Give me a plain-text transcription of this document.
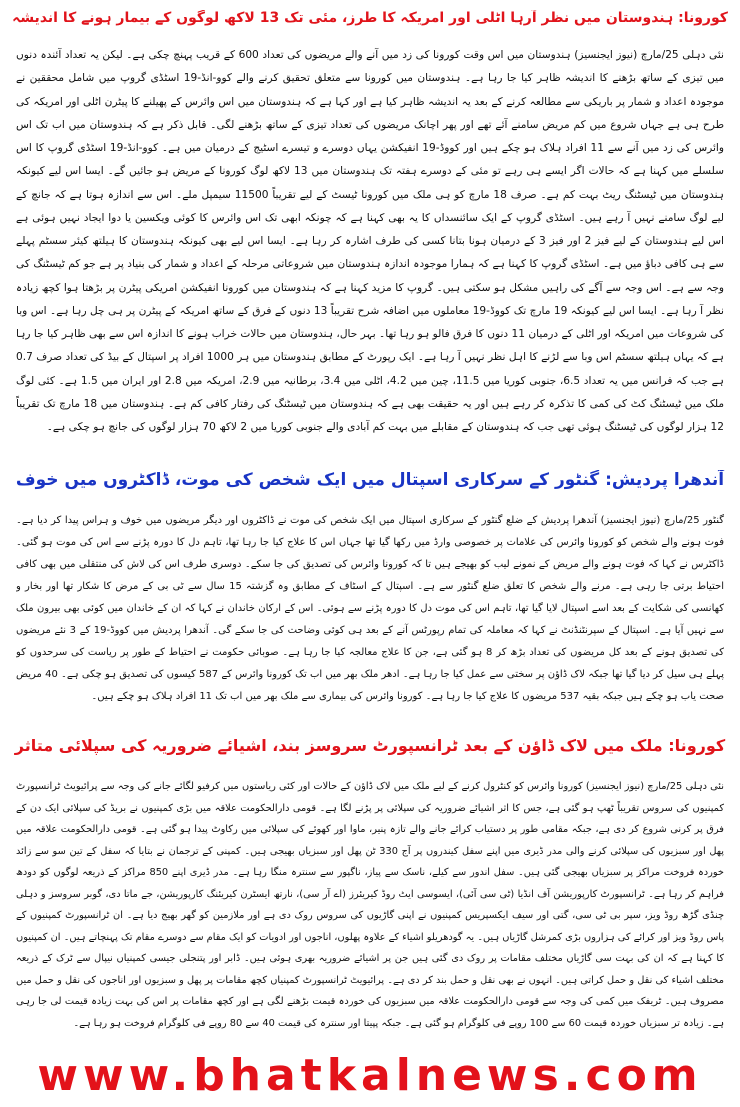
کورونا: ہندوستان میں نظر آرہا اٹلی اور امریکہ کا طرز، مئی تک 13 لاکھ لوگوں کے بیمار ہونے کا اندیشہ

نئی دہلی 25/مارچ (نیوز ایجنسیز) ہندوستان میں اس وقت کورونا کی زد میں آنے والے مریضوں کی تعداد 600 کے قریب پہنچ چکی ہے۔ لیکن یہ تعداد آئندہ دنوں میں تیزی کے ساتھ بڑھنے کا اندیشہ ظاہر کیا جا رہا ہے۔ ہندوستان میں کورونا سے متعلق تحقیق کرنے والے کوو-انڈ-19 اسٹڈی گروپ میں شامل محققین نے موجودہ اعداد و شمار پر باریکی سے مطالعہ کرنے کے بعد یہ اندیشہ ظاہر کیا ہے اور کہا ہے کہ ہندوستان میں اس وائرس کے پھیلنے کا پیٹرن اٹلی اور امریکہ کی طرح ہی ہے جہاں شروع میں کم مریض سامنے آئے تھے اور پھر اچانک مریضوں کی تعداد تیزی کے ساتھ بڑھنے لگی۔ قابل ذکر ہے کہ ہندوستان میں اب تک اس وائرس کی زد میں آنے سے 11 افراد ہلاک ہو چکے ہیں اور کووڈ-19 انفیکشن یہاں دوسرے و تیسرے اسٹیج کے درمیان میں ہے۔ کوو-انڈ-19 اسٹڈی گروپ کا اس سلسلے میں کہنا ہے کہ حالات اگر ایسے ہی رہے تو مئی کے دوسرے ہفتہ تک ہندوستان میں 13 لاکھ لوگ کورونا کے مریض ہو جائیں گے۔ ایسا اس لیے کیونکہ ہندوستان میں ٹیسٹنگ ریٹ بہت کم ہے۔ صرف 18 مارچ کو ہی ملک میں کورونا ٹیسٹ کے لیے تقریباً 11500 سیمپل ملے۔ اس سے اندازہ ہوتا ہے کہ جانچ کے لیے لوگ سامنے نہیں آ رہے ہیں۔ اسٹڈی گروپ کے ایک سائنسداں کا یہ بھی کہنا ہے کہ چونکہ ابھی تک اس وائرس کا کوئی ویکسین یا دوا ایجاد نہیں ہوئی ہے اس لیے ہندوستان کے لیے فیز 2 اور فیز 3 کے درمیان ہونا بتانا کسی کی طرف اشارہ کر رہا ہے۔ ایسا اس لیے بھی کیونکہ ہندوستان کا ہیلتھ کیئر سسٹم پہلے سے ہی کافی دباؤ میں ہے۔ اسٹڈی گروپ کا کہنا ہے کہ ہمارا موجودہ اندازہ ہندوستان میں شروعاتی مرحلہ کے اعداد و شمار کی بنیاد پر ہے جو کم ٹیسٹنگ کی وجہ سے ہے۔ اس وجہ سے آگے کی راہیں مشکل ہو سکتی ہیں۔ گروپ کا مزید کہنا ہے کہ ہندوستان میں کورونا انفیکشن امریکی پیٹرن پر بڑھتا ہوا کچھ زیادہ نظر آ رہا ہے۔ ایسا اس لیے کیونکہ 19 مارچ تک کووڈ-19 معاملوں میں اضافہ شرح تقریباً 13 دنوں کے فرق کے ساتھ امریکہ کے پیٹرن پر ہی چل رہا ہے۔ اس وبا کی شروعات میں امریکہ اور اٹلی کے درمیان 11 دنوں کا فرق فالو ہو رہا تھا۔ بہر حال، ہندوستان میں حالات خراب ہونے کا اندازہ اس سے بھی ظاہر کیا جا رہا ہے کہ یہاں ہیلتھ سسٹم اس وبا سے لڑنے کا اہل نظر نہیں آ رہا ہے۔ ایک رپورٹ کے مطابق ہندوستان میں ہر 1000 افراد پر اسپتال کے بیڈ کی تعداد صرف 0.7 ہے جب کہ فرانس میں یہ تعداد 6.5، جنوبی کوریا میں 11.5، چین میں 4.2، اٹلی میں 3.4، برطانیہ میں 2.9، امریکہ میں 2.8 اور ایران میں 1.5 ہے۔ کئی لوگ ملک میں ٹیسٹنگ کٹ کی کمی کا تذکرہ کر رہے ہیں اور یہ حقیقت بھی ہے کہ ہندوستان میں ٹیسٹنگ کی رفتار کافی کم ہے۔ ہندوستان میں 18 مارچ تک تقریباً 12 ہزار لوگوں کی ٹیسٹنگ ہوئی تھی جب کہ ہندوستان کے مقابلے میں بہت کم آبادی والے جنوبی کوریا میں 2 لاکھ 70 ہزار لوگوں کی جانچ ہو چکی ہے۔

آندھرا پردیش: گنٹور کے سرکاری اسپتال میں ایک شخص کی موت، ڈاکٹروں میں خوف

گنٹور 25/مارچ (نیوز ایجنسیز) آندھرا پردیش کے ضلع گنٹور کے سرکاری اسپتال میں ایک شخص کی موت نے ڈاکٹروں اور دیگر مریضوں میں خوف و ہراس پیدا کر دیا ہے۔ فوت ہونے والے شخص کو کورونا وائرس کی علامات پر خصوصی وارڈ میں رکھا گیا تھا جہاں اس کا علاج کیا جا رہا تھا، تاہم دل کا دورہ پڑنے سے اس کی موت ہو گئی۔ ڈاکٹرس نے کہا کہ فوت ہونے والے مریض کے نمونے لیب کو بھیجے ہیں تا کہ کورونا وائرس کی تصدیق کی جا سکے۔ دوسری طرف اس کی لاش کی منتقلی میں بھی کافی احتیاط برتی جا رہی ہے۔ مرنے والے شخص کا تعلق ضلع گنٹور سے ہے۔ اسپتال کے اسٹاف کے مطابق وہ گزشتہ 15 سال سے ٹی بی کے مرض کا شکار تھا اور بخار و کھانسی کی شکایت کے بعد اسے اسپتال لایا گیا تھا، تاہم اس کی موت دل کا دورہ پڑنے سے ہوئی۔ اس کے ارکان خاندان نے کہا کہ ان کے خاندان میں کوئی بھی بیرون ملک سے نہیں آیا ہے۔ اسپتال کے سپرنٹنڈنٹ نے کہا کہ معاملہ کی تمام رپورٹس آنے کے بعد ہی کوئی وضاحت کی جا سکے گی۔ آندھرا پردیش میں کووڈ-19 کے 3 نئے مریضوں کی تصدیق ہونے کے بعد کل مریضوں کی تعداد بڑھ کر 8 ہو گئی ہے، جن کا علاج معالجہ کیا جا رہا ہے۔ صوبائی حکومت نے احتیاط کے طور پر ریاست کی سرحدوں کو پہلے ہی سیل کر دیا گیا تھا جبکہ لاک ڈاؤن پر سختی سے عمل کیا جا رہا ہے۔ ادھر ملک بھر میں اب تک کورونا وائرس کے 587 کیسوں کی تصدیق ہو چکی ہے۔ 40 مریض صحت یاب ہو چکے ہیں جبکہ بقیہ 537 مریضوں کا علاج کیا جا رہا ہے۔ کورونا وائرس کی بیماری سے ملک بھر میں اب تک 11 افراد ہلاک ہو چکے ہیں۔

کورونا: ملک میں لاک ڈاؤن کے بعد ٹرانسپورٹ سروسز بند، اشیائے ضروریہ کی سپلائی متاثر

نئی دہلی 25/مارچ (نیوز ایجنسیز) کورونا وائرس کو کنٹرول کرنے کے لیے ملک میں لاک ڈاؤن کے حالات اور کئی ریاستوں میں کرفیو لگائے جانے کی وجہ سے پرائیویٹ ٹرانسپورٹ کمپنیوں کی سروس تقریباً ٹھپ ہو گئی ہے، جس کا اثر اشیائے ضروریہ کی سپلائی پر پڑنے لگا ہے۔ قومی دارالحکومت علاقہ میں بڑی کمپنیوں نے بریڈ کی سپلائی ایک دن کے فرق پر کرنی شروع کر دی ہے، جبکہ مقامی طور پر دستیاب کرائے جانے والے تازہ پنیر، ماوا اور کھوئے کی سپلائی میں رکاوٹ پیدا ہو گئی ہے۔ قومی دارالحکومت علاقہ میں پھل اور سبزیوں کی سپلائی کرنے والی مدر ڈیری میں اپنے سفل کیندروں پر آج 330 ٹن پھل اور سبزیاں بھیجی ہیں۔ کمپنی کے ترجمان نے بتایا کہ سفل کے تین سو سے زائد خوردہ فروخت مراکز پر سبزیاں بھیجی گئی ہیں۔ سفل اندور سے کیلے، ناسک سے پیاز، ناگپور سے سنترہ منگا رہا ہے۔ مدر ڈیری اپنے 850 مراکز کے ذریعہ لوگوں کو دودھ فراہم کر رہا ہے۔ ٹرانسپورٹ کارپوریشن آف انڈیا (ٹی سی آئی)، ایسوسی ایٹ روڈ کیریئرز (اے آر سی)، نارتھ ایسٹرن کیریئنگ کارپوریشن، جے ماتا دی، گوبر سروسز و دہلی چنڈی گڑھ روڈ ویز، سپر بی ٹی سی، گتی اور سیف ایکسپریس کمپنیوں نے اپنی گاڑیوں کی سروس روک دی ہے اور ملازمین کو گھر بھیج دیا ہے۔ ان ٹرانسپورٹ کمپنیوں کے پاس روڈ ویز اور کرائے کی ہزاروں بڑی کمرشل گاڑیاں ہیں۔ یہ گودھریلو اشیاء کے علاوہ پھلوں، اناجوں اور ادویات کو ایک مقام سے دوسرے مقام تک پہنچاتے ہیں۔ ان کمپنیوں کا کہنا ہے کہ ان کی بہت سی گاڑیاں مختلف مقامات پر روک دی گئی ہیں جن پر اشیائے ضروریہ بھری ہوئی ہیں۔ ڈابر اور پتنجلی جیسی کمپنیاں نیپال سے ٹرک کے ذریعہ مختلف اشیاء کی نقل و حمل کراتی ہیں۔ انہوں نے بھی نقل و حمل بند کر دی ہے۔ پرائیویٹ ٹرانسپورٹ کمپنیاں کچھ مقامات پر پھل و سبزیوں اور اناجوں کی نقل و حمل میں مصروف ہیں۔ ٹریفک میں کمی کی وجہ سے قومی دارالحکومت علاقہ میں سبزیوں کی خوردہ قیمت بڑھنے لگی ہے اور کچھ مقامات پر اس کی بہت زیادہ قیمت لی جا رہی ہے۔ زیادہ تر سبزیاں خوردہ قیمت 60 سے 100 روپے فی کلوگرام ہو گئی ہے۔ جبکہ پپیتا اور سنترہ کی قیمت 40 سے 80 روپے فی کلوگرام فروخت ہو رہا ہے۔

www.bhatkalnews.com
